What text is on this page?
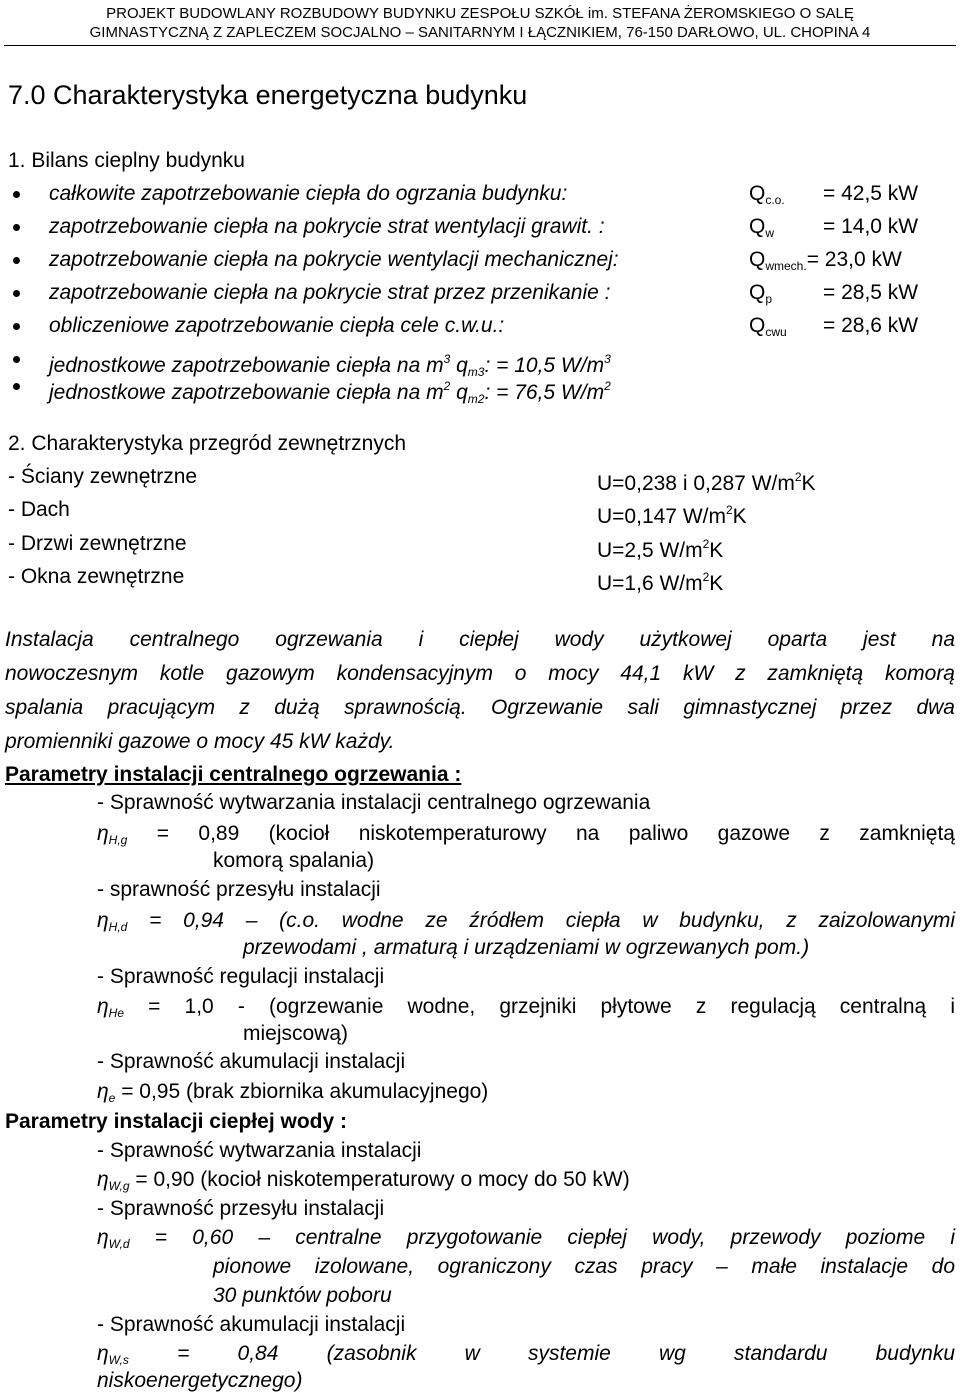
PROJEKT BUDOWLANY ROZBUDOWY BUDYNKU ZESPOŁU SZKÓŁ im. STEFANA ŻEROMSKIEGO O SALĘ
GIMNASTYCZNĄ Z ZAPLECZEM SOCJALNO – SANITARNYM I ŁĄCZNIKIEM, 76-150 DARŁOWO, UL. CHOPINA 4
7.0 Charakterystyka energetyczna budynku
1. Bilans cieplny budynku
całkowite zapotrzebowanie ciepła do ogrzania budynku:	$Q_{c.o.} = 42,5$ kW
zapotrzebowanie ciepła na pokrycie strat wentylacji grawit. :	$Q_w = 14,0$ kW
zapotrzebowanie ciepła na pokrycie wentylacji mechanicznej:	$Q_{wmech.}= 23,0$ kW
zapotrzebowanie ciepła na pokrycie strat przez przenikanie :	$Q_p = 28,5$ kW
obliczeniowe zapotrzebowanie ciepła cele c.w.u.:	$Q_{cwu} = 28,6$ kW
jednostkowe zapotrzebowanie ciepła na $m^3$ $q_{m3}$: = 10,5 $W/m^3$
jednostkowe zapotrzebowanie ciepła na $m^2$ $q_{m2}$: = 76,5 $W/m^2$
2. Charakterystyka przegród zewnętrznych
- Ściany zewnętrzne	U=0,238 i 0,287 $W/m^2K$
- Dach	U=0,147 $W/m^2K$
- Drzwi zewnętrzne	U=2,5 $W/m^2K$
- Okna zewnętrzne	U=1,6 $W/m^2K$
Instalacja centralnego ogrzewania i ciepłej wody użytkowej oparta jest na
nowoczesnym kotle gazowym kondensacyjnym o mocy 44,1 kW z zamkniętą komorą
spalania pracującym z dużą sprawnością. Ogrzewanie sali gimnastycznej przez dwa
promienniki gazowe o mocy 45 kW każdy.
Parametry instalacji centralnego ogrzewania :
- Sprawność wytwarzania instalacji centralnego ogrzewania
$\eta_{H,g} = 0,89$ (kocioł niskotemperaturowy na paliwo gazowe z zamkniętą
komorą spalania)
- sprawność przesyłu instalacji
$\eta_{H,d} = 0,94 - (c.o$. wodne ze źródłem ciepła w budynku, z zaizolowanymi
przewodami , armaturą i urządzeniami w ogrzewanych pom.)
- Sprawność regulacji instalacji
$\eta_{He} = 1,0$ - (ogrzewanie wodne, grzejniki płytowe z regulacją centralną i
miejscową)
- Sprawność akumulacji instalacji
$\eta_e = 0,95$ (brak zbiornika akumulacyjnego)
Parametry instalacji ciepłej wody :
- Sprawność wytwarzania instalacji
$\eta_{W,g} = 0,90$ (kocioł niskotemperaturowy o mocy do 50 kW)
- Sprawność przesyłu instalacji
$\eta_{W,d} = 0,60$ – centralne przygotowanie ciepłej wody, przewody poziome i
pionowe izolowane, ograniczony czas pracy – małe instalacje do
30 punktów poboru
- Sprawność akumulacji instalacji
$\eta_{W,s} = 0,84$ (zasobnik w systemie wg standardu budynku
niskoenergetycznego)
